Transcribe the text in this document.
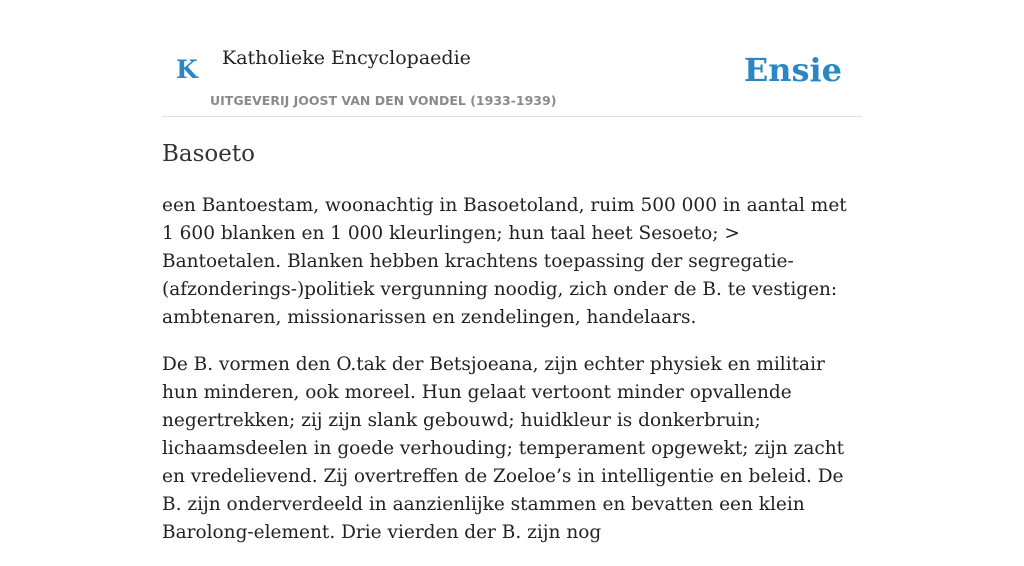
K Katholieke Encyclopaedie
UITGEVERIJ JOOST VAN DEN VONDEL (1933-1939)
Ensie
Basoeto

een Bantoestam, woonachtig in Basoetoland, ruim 500 000 in aantal met 1 600 blanken en 1 000 kleurlingen; hun taal heet Sesoeto; > Bantoetalen. Blanken hebben krachtens toepassing der segregatie-(afzonderings-)politiek vergunning noodig, zich onder de B. te vestigen: ambtenaren, missionarissen en zendelingen, handelaars.

De B. vormen den O.tak der Betsjoeana, zijn echter physiek en militair hun minderen, ook moreel. Hun gelaat vertoont minder opvallende negertrekken; zij zijn slank gebouwd; huidkleur is donkerbruin; lichaamsdeelen in goede verhouding; temperament opgewekt; zijn zacht en vredelievend. Zij overtreffen de Zoeloe’s in intelligentie en beleid. De B. zijn onderverdeeld in aanzienlijke stammen en bevatten een klein Barolong-element. Drie vierden der B. zijn nog
